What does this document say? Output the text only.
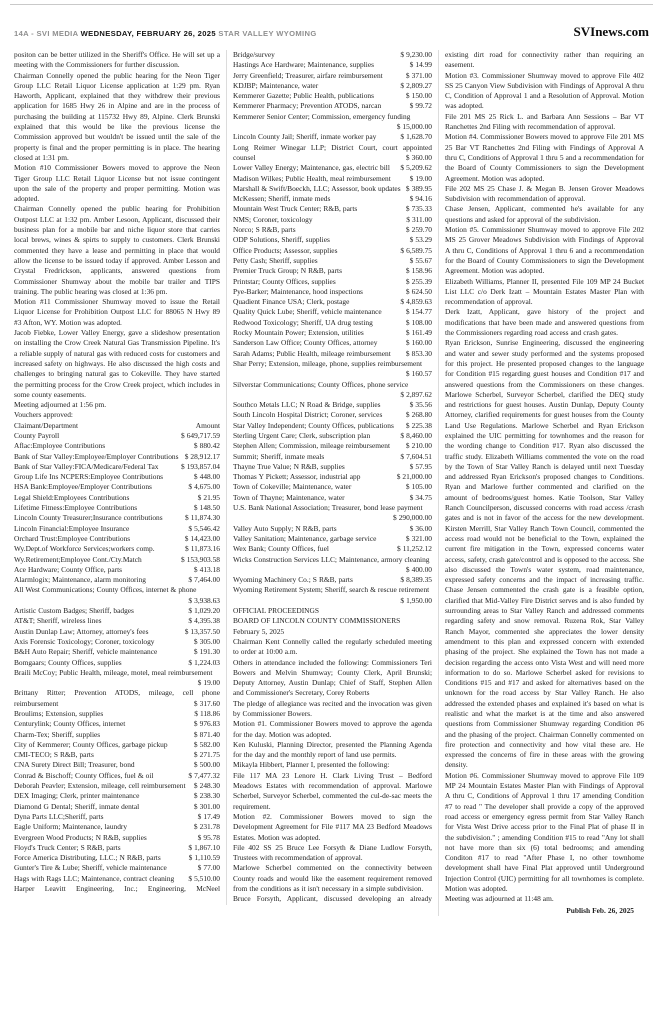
14A - SVI MEDIA WEDNESDAY, FEBRUARY 26, 2025 STAR VALLEY WYOMING	SVInews.com
positon can be better utilized in the Sheriff's Office. He will set up a meeting with the Commissioners for further discussion.
Chairman Connelly opened the public hearing for the Neon Tiger Group LLC Retail Liquor License application at 1:29 pm. Ryan Haworth, Applicant, explained that they withdrew their previous application for 1685 Hwy 26 in Alpine and are in the process of purchasing the building at 115732 Hwy 89, Alpine. Clerk Brunski explained that this would be like the previous license the Commission approved but wouldn't be issued until the sale of the property is final and the proper permitting is in place. The hearing closed at 1:31 pm.
Motion #10 Commissioner Bowers moved to approve the Neon Tiger Group LLC Retail Liquor License but not issue contingent upon the sale of the property and proper permitting. Motion was adopted.
Chairman Connelly opened the public hearing for Prohibition Outpost LLC at 1:32 pm. Amber Lesoon, Applicant, discussed their business plan for a mobile bar and niche liquor store that carries local brews, wines & spirts to supply to customers. Clerk Brunski commented they have a lease and permitting in place that would allow the license to be issued today if approved. Amber Lesson and Crystal Fredrickson, applicants, answered questions from Commissioner Shumway about the mobile bar trailer and TIPS training. The public hearing was closed at 1:36 pm.
Motion #11 Commissioner Shumway moved to issue the Retail Liquor License for Prohibition Outpost LLC for 88065 N Hwy 89 #3 Afton, WY. Motion was adopted.
Jacob Fiebke, Lower Valley Energy, gave a slideshow presentation on installing the Crow Creek Natural Gas Transmission Pipeline. It's a reliable supply of natural gas with reduced costs for customers and increased safety on highways. He also discussed the high costs and challenges to bringing natural gas to Cokeville. They have started the permitting process for the Crow Creek project, which includes in some county easements.
Meeting adjourned at 1:56 pm.
Vouchers approved:
Claimant/Department	Amount
County Payroll	$ 649,717.59
Aflac:Employee Contributions	$ 880.42
Bank of Star Valley:Employee/Employer Contributions $ 28,912.17
Bank of Star Valley:FICA/Medicare/Federal Tax	$ 193,857.04
Group Life Ins NCPERS:Employee Contributions	$ 448.00
HSA Bank:Employee/Employer Contributions	$ 4,675.00
Legal Shield:Employees Contributions	$ 21.95
Lifetime Fitness:Employee Contributions	$ 148.50
Lincoln County Treasurer;Insurance contributions	$ 11,874.30
Lincoln Financial:Employee Insurance	$ 5,546.42
Orchard Trust:Employee Contributions	$ 14,423.00
Wy.Dept.of Workforce Services;workers comp.	$ 11,873.16
Wy.Retirement;Employee Cont./Cty.Match	$ 153,903.58
Ace Hardware; County Office, parts	$ 413.18
Alarmlogix; Maintenance, alarm monitoring	$ 7,464.00
All West Communications; County Offices, internet & phone
$ 3,938.63
Artistic Custom Badges; Sheriff, badges	$ 1,029.20
AT&T; Sheriff, wireless lines	$ 4,395.38
Austin Dunlap Law; Attorney, attorney's fees	$ 13,357.50
Axis Forensic Toxicology; Coroner, toxicology	$ 305.00
B&H Auto Repair; Sheriff, vehicle maintenance	$ 191.30
Bomgaars; County Offices, supplies	$ 1,224.03
Braili McCoy; Public Health, mileage, motel, meal reimbursement
$ 19.00
Brittany Ritter; Prevention ATODS, mileage, cell phone reimbursement	$ 317.60
Broulims; Extension, supplies	$ 118.86
Centurylink; County Offices, internet	$ 976.83
Charm-Tex; Sheriff, supplies	$ 871.40
City of Kemmerer; County Offices, garbage pickup	$ 582.00
CMI-TECO; S R&B, parts	$ 271.75
CNA Surety Direct Bill; Treasurer, bond	$ 500.00
Conrad & Bischoff; County Offices, fuel & oil	$ 7,477.32
Deborah Peavler; Extension, mileage, cell reimbursement	$ 248.30
DEX Imaging; Clerk, printer maintenance	$ 238.30
Diamond G Dental; Sheriff, inmate dental	$ 301.00
Dyna Parts LLC;Sheriff, parts	$ 17.49
Eagle Uniform; Maintenance, laundry	$ 231.78
Evergreen Wood Products; N R&B, supplies	$ 95.78
Floyd's Truck Center; S R&B, parts	$ 1,867.10
Force America Distributing, LLC.; N R&B, parts	$ 1,110.59
Gunter's Tire & Lube; Sheriff, vehicle maintenance	$ 77.00
Hags with Rags LLC; Maintenance, contract cleaning	$ 5,510.00
Harper Leavitt Engineering, Inc.; Engineering, McNeel
Bridge/survey	$ 9,230.00
Hastings Ace Hardware; Maintenance, supplies	$ 14.99
Jerry Greenfield; Treasurer, airfare reimbursement	$ 371.00
KDJBP; Maintenance, water	$ 2,809.27
Kemmerer Gazette; Public Health, publications	$ 150.00
Kemmerer Pharmacy; Prevention ATODS, narcan	$ 99.72
Kemmerer Senior Center; Commission, emergency funding
$ 15,000.00
Lincoln County Jail; Sheriff, inmate worker pay	$ 1,628.70
Long Reimer Winegar LLP; District Court, court appointed counsel	$ 360.00
Lower Valley Energy; Maintenance, gas, electric bill	$ 5,209.62
Madison Wilkes; Public Health, meal reimbursement	$ 19.00
Marshall & Swift/Boeckh, LLC; Assessor, book updates $ 389.95
McKessen; Sheriff, inmate meds	$ 94.16
Mountain West Truck Center; R&B, parts	$ 735.33
NMS; Coroner, toxicology	$ 311.00
Norco; S R&B, parts	$ 259.70
ODP Solutions, Sheriff, supplies	$ 53.29
Office Products; Assessor, supplies	$ 6,589.75
Petty Cash; Sheriff, supplies	$ 55.67
Premier Truck Group; N R&B, parts	$ 158.96
Printstar; County Offices, supplies	$ 255.39
Pye-Barker; Maintenance, hood inspections	$ 624.50
Quadient Finance USA; Clerk, postage	$ 4,859.63
Quality Quick Lube; Sheriff, vehicle maintenance	$ 154.77
Redwood Toxicology; Sheriff, UA drug testing	$ 108.00
Rocky Mountain Power; Extension, utilities	$ 161.49
Sanderson Law Office; County Offices, attorney	$ 160.00
Sarah Adams; Public Health, mileage reimbursement	$ 853.30
Shar Perry; Extension, mileage, phone, supplies reimbursement
$ 160.57
Silverstar Communications; County Offices, phone service
$ 2,897.62
Southco Metals LLC; N Road & Bridge, supplies	$ 35.56
South Lincoln Hospital District; Coroner, services	$ 268.80
Star Valley Independent; County Offices, publications	$ 225.38
Sterling Urgent Care; Clerk, subscription plan	$ 8,460.00
Stephen Allen; Commission, mileage reimbursement	$ 210.00
Summit; Sheriff, inmate meals	$ 7,604.51
Thayne True Value; N R&B, supplies	$ 57.95
Thomas Y Pickett; Assessor, industrial app	$ 21,000.00
Town of Cokeville; Maintenance, water	$ 105.00
Town of Thayne; Maintenance, water	$ 34.75
U.S. Bank National Association; Treasurer, bond lease payment
$ 290,000.00
Valley Auto Supply; N R&B, parts	$ 36.00
Valley Sanitation; Maintenance, garbage service	$ 321.00
Wex Bank; County Offices, fuel	$ 11,252.12
Wicks Construction Services LLC; Maintenance, armory cleaning
$ 400.00
Wyoming Machinery Co.; S R&B, parts	$ 8,389.35
Wyoming Retirement System; Sheriff, search & rescue retirement
$ 1,950.00
OFFICIAL PROCEEDINGS
BOARD OF LINCOLN COUNTY COMMISSIONERS
February 5, 2025
Chairman Kent Connelly called the regularly scheduled meeting to order at 10:00 a.m.
Others in attendance included the following: Commissioners Teri Bowers and Melvin Shumway; County Clerk, April Brunski; Deputy Attorney, Austin Dunlap; Chief of Staff, Stephen Allen and Commissioner's Secretary, Corey Roberts
The pledge of allegiance was recited and the invocation was given by Commissioner Bowers.
Motion #1. Commissioner Bowers moved to approve the agenda for the day. Motion was adopted.
Ken Kuluski, Planning Director, presented the Planning Agenda for the day and the monthly report of land use permits.
Mikayla Hibbert, Planner I, presented the following:
File 117 MA 23 Lenore H. Clark Living Trust – Bedford Meadows Estates with recommendation of approval. Marlowe Scherbel, Surveyor Scherbel, commented the cul-de-sac meets the requirement.
Motion #2. Commissioner Bowers moved to sign the Development Agreement for File #117 MA 23 Bedford Meadows Estates. Motion was adopted.
File 402 SS 25 Bruce Lee Forsyth & Diane Ludlow Forsyth, Trustees with recommendation of approval.
Marlowe Scherbel commented on the connectivity between County roads and would like the easement requirement removed from the conditions as it isn't necessary in a simple subdivision.
Bruce Forsyth, Applicant, discussed developing an already
existing dirt road for connectivity rather than requiring an easement.
Motion #3. Commissioner Shumway moved to approve File 402 SS 25 Canyon View Subdivision with Findings of Approval A thru C, Condition of Approval 1 and a Resolution of Approval. Motion was adopted.
File 201 MS 25 Rick L. and Barbara Ann Sessions – Bar VT Ranchettes 2nd Filing with recommendation of approval.
Motion #4. Commissioner Bowers moved to approve File 201 MS 25 Bar VT Ranchettes 2nd Filing with Findings of Approval A thru C, Conditions of Approval 1 thru 5 and a recommendation for the Board of County Commissioners to sign the Development Agreement. Motion was adopted.
File 202 MS 25 Chase J. & Megan B. Jensen Grover Meadows Subdivision with recommendation of approval.
Chase Jensen, Applicant, commented he's available for any questions and asked for approval of the subdivision.
Motion #5. Commissioner Shumway moved to approve File 202 MS 25 Grover Meadows Subdivision with Findings of Approval A thru C, Conditions of Approval 1 thru 6 and a recommendation for the Board of County Commissioners to sign the Development Agreement. Motion was adopted.
Elizabeth Williams, Planner II, presented File 109 MP 24 Bucket List LLC c/o Derk Izatt – Mountain Estates Master Plan with recommendation of approval.
Derk Izatt, Applicant, gave history of the project and modifications that have been made and answered questions from the Commissioners regarding road access and crash gates.
Ryan Erickson, Sunrise Engineering, discussed the engineering and water and sewer study performed and the systems proposed for this project. He presented proposed changes to the language for Condition #15 regarding guest houses and Condition #17 and answered questions from the Commissioners on these changes. Marlowe Scherbel, Surveyor Scherbel, clarified the DEQ study and restrictions for guest houses. Austin Dunlap, Deputy County Attorney, clarified requirements for guest houses from the County Land Use Regulations. Marlowe Scherbel and Ryan Erickson explained the UIC permitting for townhomes and the reason for the wording change to Condition #17. Ryan also discussed the traffic study. Elizabeth Williams commented the vote on the road by the Town of Star Valley Ranch is delayed until next Tuesday and addressed Ryan Erickson's proposed changes to Conditions. Ryan and Marlowe further commented and clarified on the amount of bedrooms/guest homes. Katie Toolson, Star Valley Ranch Councilperson, discussed concerns with road access /crash gates and is not in favor of the access for the new development. Kirsten Merrill, Star Valley Ranch Town Council, commented the access road would not be beneficial to the Town, explained the current fire mitigation in the Town, expressed concerns water access, safety, crash gate/control and is opposed to the access. She also discussed the Town's water system, road maintenance, expressed safety concerns and the impact of increasing traffic. Chase Jensen commented the crash gate is a feasible option, clarified that Mid-Valley Fire District serves and is also funded by surrounding areas to Star Valley Ranch and addressed comments regarding safety and snow removal. Ruzena Rok, Star Valley Ranch Mayor, commented she appreciates the lower density amendment to this plan and expressed concern with extended phasing of the project. She explained the Town has not made a decision regarding the access onto Vista West and will need more information to do so. Marlowe Scherbel asked for revisions to Conditions #15 and #17 and asked for alternatives based on the unknown for the road access by Star Valley Ranch. He also addressed the extended phases and explained it's based on what is realistic and what the market is at the time and also answered questions from Commissioner Shumway regarding Condition #6 and the phasing of the project. Chairman Connelly commented on fire protection and connectivity and how vital these are. He expressed the concerns of fire in these areas with the growing density.
Motion #6. Commissioner Shumway moved to approve File 109 MP 24 Mountain Estates Master Plan with Findings of Approval A thru C, Conditions of Approval 1 thru 17 amending Condition #7 to read " The developer shall provide a copy of the approved road access or emergency egress permit from Star Valley Ranch for Vista West Drive access prior to the Final Plat of phase II in the subdivision." ; amending Condition #15 to read "Any lot shall not have more than six (6) total bedrooms; and amending Conditon #17 to read "After Phase I, no other townhome development shall have Final Plat approved until Underground Injection Control (UIC) permitting for all townhomes is complete. Motion was adopted.
Meeting was adjourned at 11:48 am.
Publish Feb. 26, 2025
